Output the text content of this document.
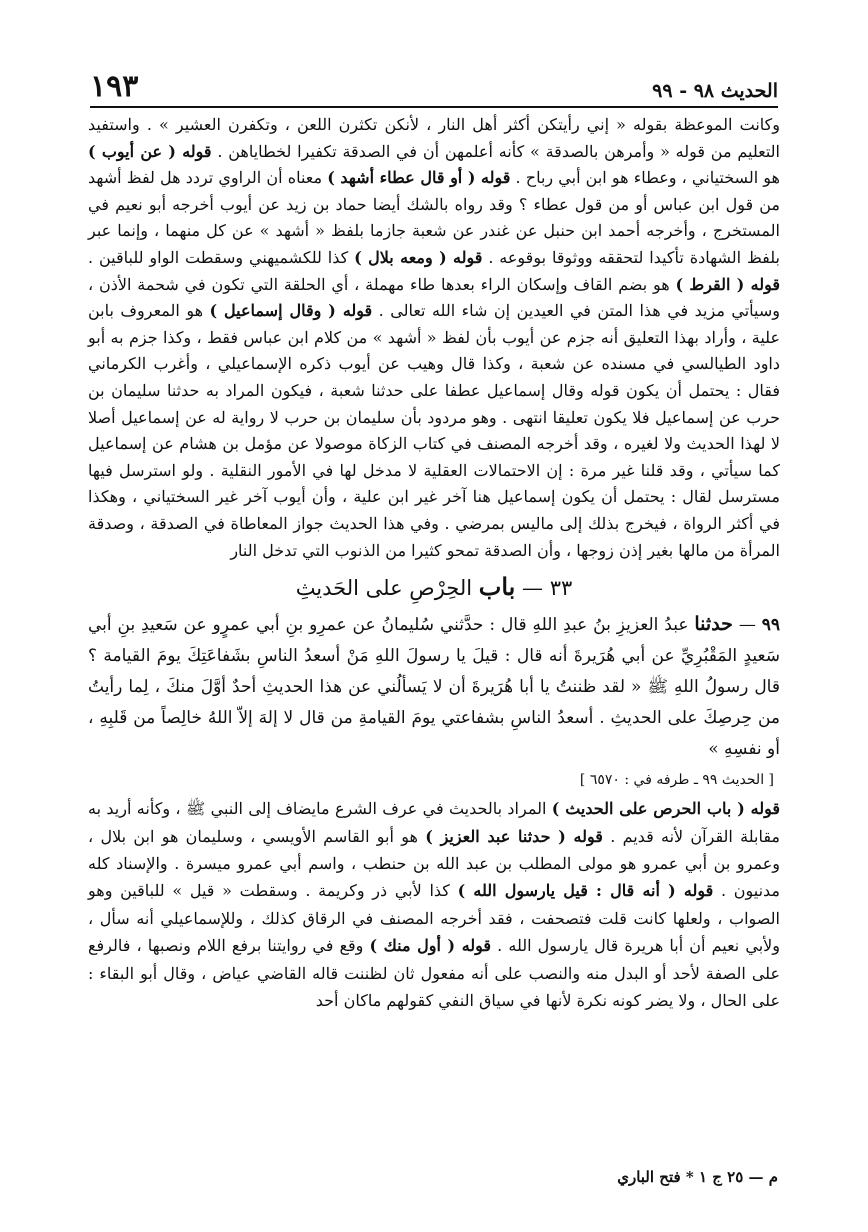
الحديث ٩٨ - ٩٩
١٩٣

وكانت الموعظة بقوله « إني رأيتكن أكثر أهل النار ، لأنكن تكثرن اللعن ، وتكفرن العشير » . واستفيد التعليم من قوله « وأمرهن بالصدقة » كأنه أعلمهن أن في الصدقة تكفيرا لخطاياهن . قوله ( عن أيوب ) هو السختياني ، وعطاء هو ابن أبي رباح . قوله ( أو قال عطاء أشهد ) معناه أن الراوي تردد هل لفظ أشهد من قول ابن عباس أو من قول عطاء ؟ وقد رواه بالشك أيضا حماد بن زيد عن أيوب أخرجه أبو نعيم في المستخرج ، وأخرجه أحمد ابن حنبل عن غندر عن شعبة جازما بلفظ « أشهد » عن كل منهما ، وإنما عبر بلفظ الشهادة تأكيدا لتحققه ووثوقا بوقوعه . قوله ( ومعه بلال ) كذا للكشميهني وسقطت الواو للباقين . قوله ( القرط ) هو بضم القاف وإسكان الراء بعدها طاء مهملة ، أي الحلقة التي تكون في شحمة الأذن ، وسيأتي مزيد في هذا المتن في العيدين إن شاء الله تعالى . قوله ( وقال إسماعيل ) هو المعروف بابن علية ، وأراد بهذا التعليق أنه جزم عن أيوب بأن لفظ « أشهد » من كلام ابن عباس فقط ، وكذا جزم به أبو داود الطيالسي في مسنده عن شعبة ، وكذا قال وهيب عن أيوب ذكره الإسماعيلي ، وأغرب الكرماني فقال : يحتمل أن يكون قوله وقال إسماعيل عطفا على حدثنا شعبة ، فيكون المراد به حدثنا سليمان بن حرب عن إسماعيل فلا يكون تعليقا انتهى . وهو مردود بأن سليمان بن حرب لا رواية له عن إسماعيل أصلا لا لهذا الحديث ولا لغيره ، وقد أخرجه المصنف في كتاب الزكاة موصولا عن مؤمل بن هشام عن إسماعيل كما سيأتي ، وقد قلنا غير مرة : إن الاحتمالات العقلية لا مدخل لها في الأمور النقلية . ولو استرسل فيها مسترسل لقال : يحتمل أن يكون إسماعيل هنا آخر غير ابن علية ، وأن أيوب آخر غير السختياني ، وهكذا في أكثر الرواة ، فيخرج بذلك إلى ماليس بمرضي . وفي هذا الحديث جواز المعاطاة في الصدقة ، وصدقة المرأة من مالها بغير إذن زوجها ، وأن الصدقة تمحو كثيرا من الذنوب التي تدخل النار

٣٣ — باب الحِرْصِ على الحَديثِ

٩٩ — حدثنا عبدُ العزيزِ بنُ عبدِ اللهِ قال : حدَّثني سُليمانُ عن عمرِو بنِ أبي عمرٍو عن سَعيدِ بنِ أبي سَعيدٍ المَقْبُرِيِّ عن أبي هُرَيرةَ أنه قال : قيلَ يا رسولَ اللهِ مَنْ أسعدُ الناسِ بشَفاعَتِكَ يومَ القيامة ؟ قال رسولُ اللهِ ﷺ « لقد ظننتُ يا أبا هُرَيرةَ أن لا يَسألُني عن هذا الحديثِ أحدٌ أوَّلَ منكَ ، لِما رأيتُ من حِرصِكَ على الحديثِ . أسعدُ الناسِ بشفاعتي يومَ القيامةِ من قال لا إلهَ إلاّ اللهُ خالِصاً من قَلبِهِ ، أو نفسِهِ »

[ الحديث ٩٩ ـ طرفه في : ٦٥٧٠ ]

قوله ( باب الحرص على الحديث ) المراد بالحديث في عرف الشرع مايضاف إلى النبي ﷺ ، وكأنه أريد به مقابلة القرآن لأنه قديم . قوله ( حدثنا عبد العزيز ) هو أبو القاسم الأويسي ، وسليمان هو ابن بلال ، وعمرو بن أبي عمرو هو مولى المطلب بن عبد الله بن حنطب ، واسم أبي عمرو ميسرة . والإسناد كله مدنيون . قوله ( أنه قال : قيل يارسول الله ) كذا لأبي ذر وكريمة . وسقطت « قيل » للباقين وهو الصواب ، ولعلها كانت قلت فتصحفت ، فقد أخرجه المصنف في الرقاق كذلك ، وللإسماعيلي أنه سأل ، ولأبي نعيم أن أبا هريرة قال يارسول الله . قوله ( أول منك ) وقع في روايتنا برفع اللام ونصبها ، فالرفع على الصفة لأحد أو البدل منه والنصب على أنه مفعول ثان لظننت قاله القاضي عياض ، وقال أبو البقاء : على الحال ، ولا يضر كونه نكرة لأنها في سياق النفي كقولهم ماكان أحد

م — ٢٥ ج ١ * فتح الباري
